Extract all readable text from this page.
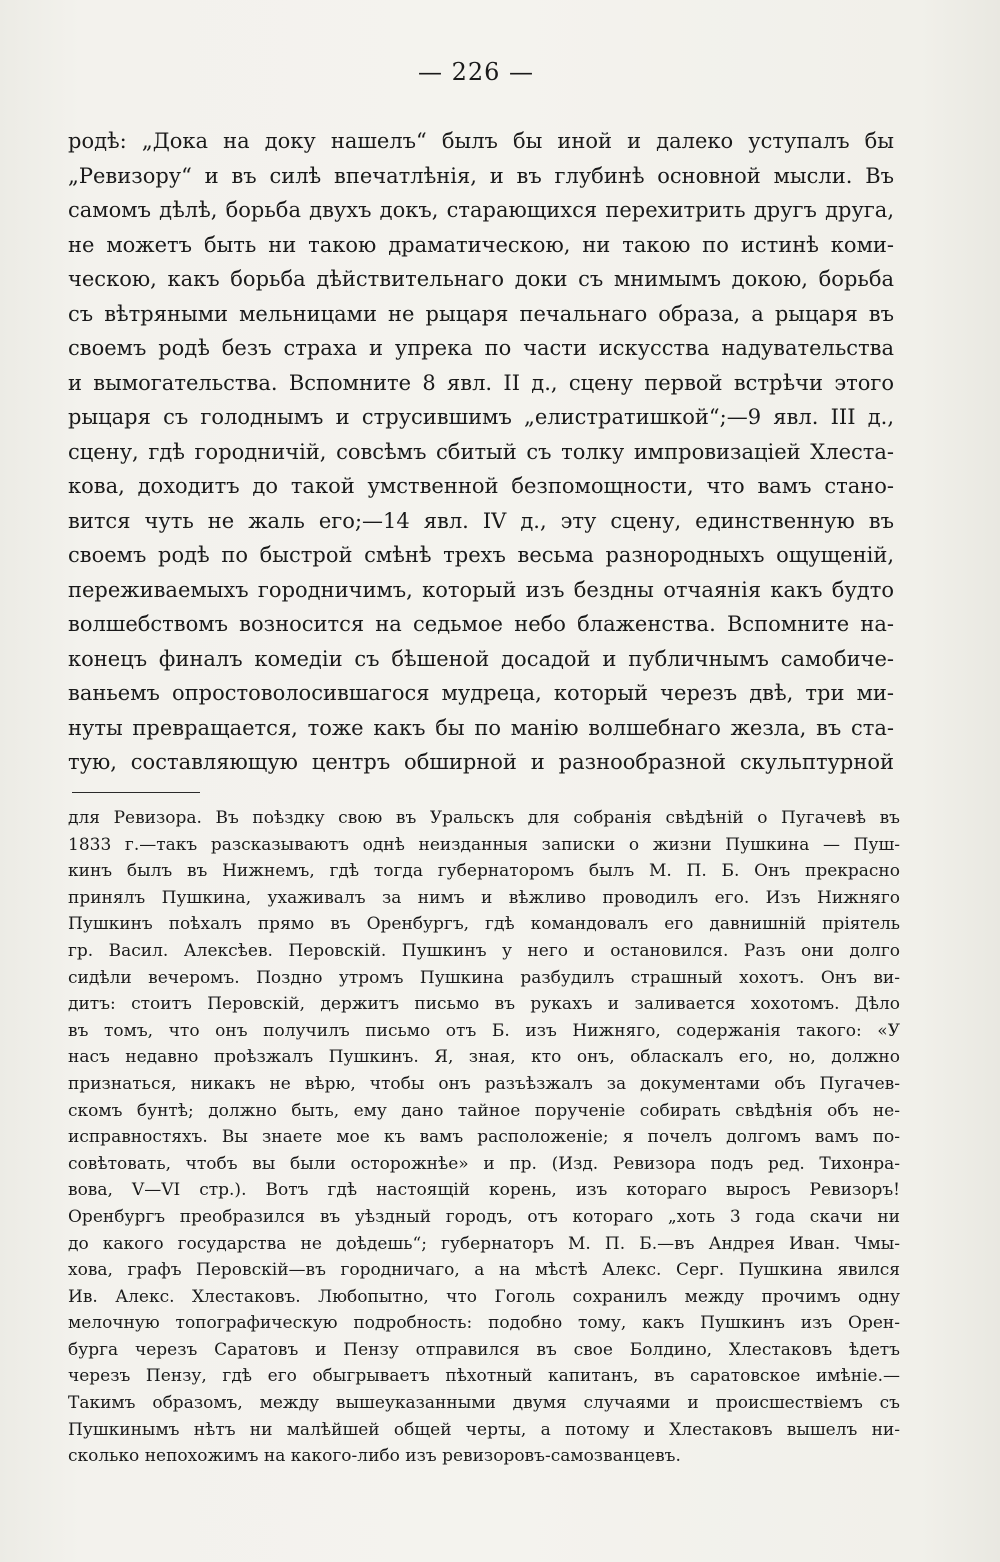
— 226 —
родѣ: „Дока на доку нашелъ“ былъ бы иной и далеко уступалъ бы
„Ревизору“ и въ силѣ впечатлѣнія, и въ глубинѣ основной мысли. Въ
самомъ дѣлѣ, борьба двухъ докъ, старающихся перехитрить другъ друга,
не можетъ быть ни такою драматическою, ни такою по истинѣ коми-
ческою, какъ борьба дѣйствительнаго доки съ мнимымъ докою, борьба
съ вѣтряными мельницами не рыцаря печальнаго образа, а рыцаря въ
своемъ родѣ безъ страха и упрека по части искусства надувательства
и вымогательства. Вспомните 8 явл. II д., сцену первой встрѣчи этого
рыцаря съ голоднымъ и струсившимъ „елистратишкой“;—9 явл. III д.,
сцену, гдѣ городничій, совсѣмъ сбитый съ толку импровизаціей Хлеста-
кова, доходитъ до такой умственной безпомощности, что вамъ стано-
вится чуть не жаль его;—14 явл. IV д., эту сцену, единственную въ
своемъ родѣ по быстрой смѣнѣ трехъ весьма разнородныхъ ощущеній,
переживаемыхъ городничимъ, который изъ бездны отчаянія какъ будто
волшебствомъ возносится на седьмое небо блаженства. Вспомните на-
конецъ финалъ комедіи съ бѣшеной досадой и публичнымъ самобиче-
ваньемъ опростоволосившагося мудреца, который черезъ двѣ, три ми-
нуты превращается, тоже какъ бы по манію волшебнаго жезла, въ ста-
тую, составляющую центръ обширной и разнообразной скульптурной
для Ревизора. Въ поѣздку свою въ Уральскъ для собранія свѣдѣній о Пугачевѣ въ
1833 г.—такъ разсказываютъ однѣ неизданныя записки о жизни Пушкина — Пуш-
кинъ былъ въ Нижнемъ, гдѣ тогда губернаторомъ былъ М. П. Б. Онъ прекрасно
принялъ Пушкина, ухаживалъ за нимъ и вѣжливо проводилъ его. Изъ Нижняго
Пушкинъ поѣхалъ прямо въ Оренбургъ, гдѣ командовалъ его давнишній пріятель
гр. Васил. Алексѣев. Перовскій. Пушкинъ у него и остановился. Разъ они долго
сидѣли вечеромъ. Поздно утромъ Пушкина разбудилъ страшный хохотъ. Онъ ви-
дитъ: стоитъ Перовскій, держитъ письмо въ рукахъ и заливается хохотомъ. Дѣло
въ томъ, что онъ получилъ письмо отъ Б. изъ Нижняго, содержанія такого: «У
насъ недавно проѣзжалъ Пушкинъ. Я, зная, кто онъ, обласкалъ его, но, должно
признаться, никакъ не вѣрю, чтобы онъ разъѣзжалъ за документами объ Пугачев-
скомъ бунтѣ; должно быть, ему дано тайное порученіе собирать свѣдѣнія объ не-
исправностяхъ. Вы знаете мое къ вамъ расположеніе; я почелъ долгомъ вамъ по-
совѣтовать, чтобъ вы были осторожнѣе» и пр. (Изд. Ревизора подъ ред. Тихонра-
вова, V—VI стр.). Вотъ гдѣ настоящій корень, изъ котораго выросъ Ревизоръ!
Оренбургъ преобразился въ уѣздный городъ, отъ котораго „хоть 3 года скачи ни
до какого государства не доѣдешь“; губернаторъ М. П. Б.—въ Андрея Иван. Чмы-
хова, графъ Перовскій—въ городничаго, а на мѣстѣ Алекс. Серг. Пушкина явился
Ив. Алекс. Хлестаковъ. Любопытно, что Гоголь сохранилъ между прочимъ одну
мелочную топографическую подробность: подобно тому, какъ Пушкинъ изъ Орен-
бурга черезъ Саратовъ и Пензу отправился въ свое Болдино, Хлестаковъ ѣдетъ
черезъ Пензу, гдѣ его обыгрываетъ пѣхотный капитанъ, въ саратовское имѣніе.—
Такимъ образомъ, между вышеуказанными двумя случаями и происшествіемъ съ
Пушкинымъ нѣтъ ни малѣйшей общей черты, а потому и Хлестаковъ вышелъ ни-
сколько непохожимъ на какого-либо изъ ревизоровъ-самозванцевъ.
